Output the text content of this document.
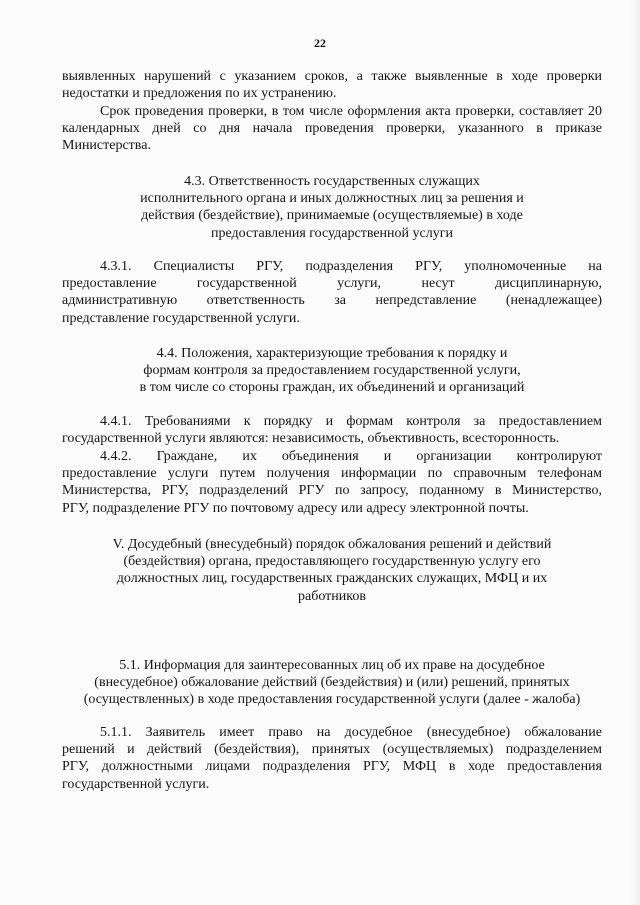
22

выявленных нарушений с указанием сроков, а также выявленные в ходе проверки недостатки и предложения по их устранению.

Срок проведения проверки, в том числе оформления акта проверки, составляет 20 календарных дней со дня начала проведения проверки, указанного в приказе Министерства.

4.3. Ответственность государственных служащих
исполнительного органа и иных должностных лиц за решения и
действия (бездействие), принимаемые (осуществляемые) в ходе
предоставления государственной услуги
4.3.1. Специалисты РГУ, подразделения РГУ, уполномоченные на
предоставление государственной услуги, несут дисциплинарную,
административную ответственность за непредставление (ненадлежащее)
представление государственной услуги.
4.4. Положения, характеризующие требования к порядку и
формам контроля за предоставлением государственной услуги,
в том числе со стороны граждан, их объединений и организаций
4.4.1. Требованиями к порядку и формам контроля за предоставлением
государственной услуги являются: независимость, объективность, всесторонность.
4.4.2. Граждане, их объединения и организации контролируют
предоставление услуги путем получения информации по справочным телефонам
Министерства, РГУ, подразделений РГУ по запросу, поданному в Министерство,
РГУ, подразделение РГУ по почтовому адресу или адресу электронной почты.
V. Досудебный (внесудебный) порядок обжалования решений и действий
(бездействия) органа, предоставляющего государственную услугу его
должностных лиц, государственных гражданских служащих, МФЦ и их
работников
5.1. Информация для заинтересованных лиц об их праве на досудебное
(внесудебное) обжалование действий (бездействия) и (или) решений, принятых
(осуществленных) в ходе предоставления государственной услуги (далее - жалоба)
5.1.1. Заявитель имеет право на досудебное (внесудебное) обжалование
решений и действий (бездействия), принятых (осуществляемых) подразделением
РГУ, должностными лицами подразделения РГУ, МФЦ в ходе предоставления
государственной услуги.
